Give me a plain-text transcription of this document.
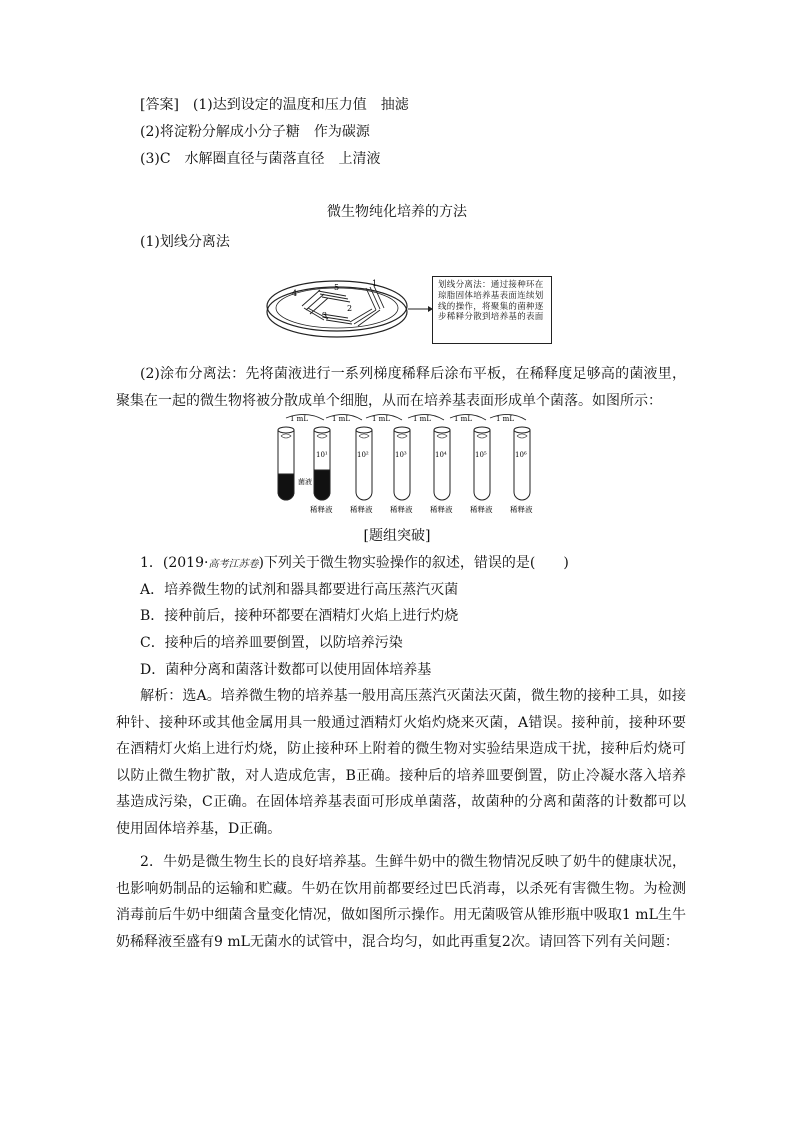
[答案]　(1)达到设定的温度和压力值　抽滤
(2)将淀粉分解成小分子糖　作为碳源
(3)C　水解圈直径与菌落直径　上清液
微生物纯化培养的方法
(1)划线分离法
1
2
3
4
5	划线分离法：通过接种环在琼脂固体培养基表面连续划线的操作，将聚集的菌种逐步稀释分散到培养基的表面
(2)涂布分离法：先将菌液进行一系列梯度稀释后涂布平板，在稀释度足够高的菌液里，聚集在一起的微生物将被分散成单个细胞，从而在培养基表面形成单个菌落。如图所示：
1 mL	1 mL	1 mL	1 mL	1 mL	1 mL
10¹	10²	10³	10⁴	10⁵	10⁶
菌液
稀释液 稀释液 稀释液 稀释液 稀释液 稀释液
[题组突破]
1．(2019·高考江苏卷)下列关于微生物实验操作的叙述，错误的是(　　)
A．培养微生物的试剂和器具都要进行高压蒸汽灭菌
B．接种前后，接种环都要在酒精灯火焰上进行灼烧
C．接种后的培养皿要倒置，以防培养污染
D．菌种分离和菌落计数都可以使用固体培养基
解析：选A。培养微生物的培养基一般用高压蒸汽灭菌法灭菌，微生物的接种工具，如接种针、接种环或其他金属用具一般通过酒精灯火焰灼烧来灭菌，A错误。接种前，接种环要在酒精灯火焰上进行灼烧，防止接种环上附着的微生物对实验结果造成干扰，接种后灼烧可以防止微生物扩散，对人造成危害，B正确。接种后的培养皿要倒置，防止冷凝水落入培养基造成污染，C正确。在固体培养基表面可形成单菌落，故菌种的分离和菌落的计数都可以使用固体培养基，D正确。
2．牛奶是微生物生长的良好培养基。生鲜牛奶中的微生物情况反映了奶牛的健康状况，也影响奶制品的运输和贮藏。牛奶在饮用前都要经过巴氏消毒，以杀死有害微生物。为检测消毒前后牛奶中细菌含量变化情况，做如图所示操作。用无菌吸管从锥形瓶中吸取1 mL生牛奶稀释液至盛有9 mL无菌水的试管中，混合均匀，如此再重复2次。请回答下列有关问题：
